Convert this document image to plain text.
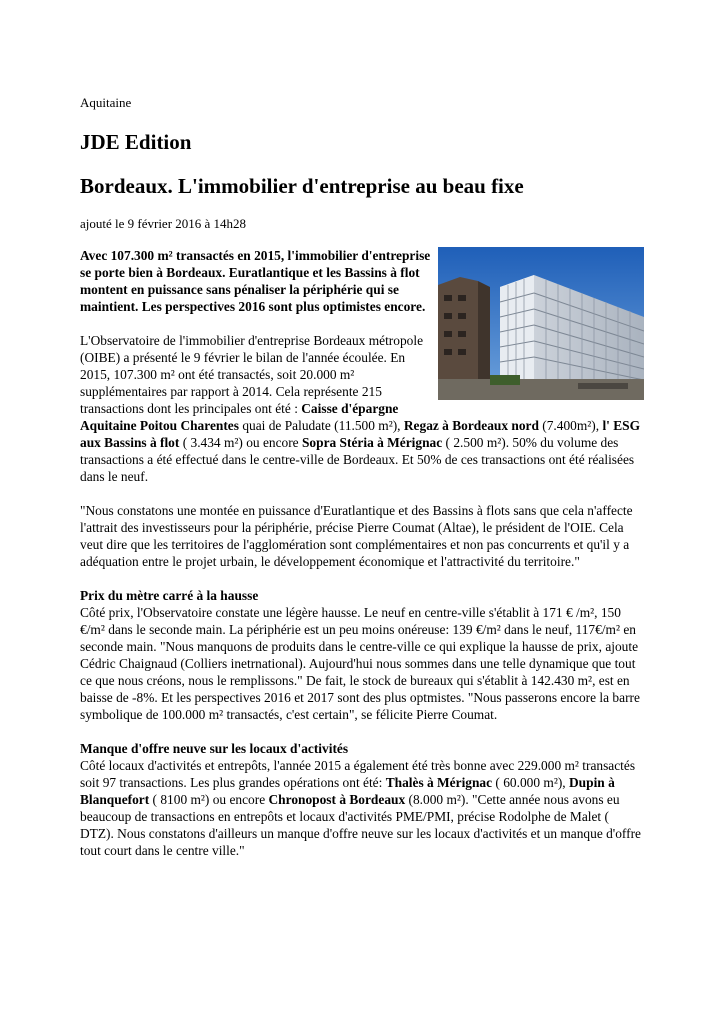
Aquitaine
JDE Edition
Bordeaux. L'immobilier d'entreprise au beau fixe
ajouté le 9 février 2016 à 14h28

Avec 107.300 m² transactés en 2015, l'immobilier d'entreprise se porte bien à Bordeaux. Euratlantique et les Bassins à flot montent en puissance sans pénaliser la périphérie qui se maintient. Les perspectives 2016 sont plus optimistes encore.

L'Observatoire de l'immobilier d'entreprise Bordeaux métropole (OIBE) a présenté le 9 février le bilan de l'année écoulée. En 2015, 107.300 m² ont été transactés, soit 20.000 m² supplémentaires par rapport à 2014. Cela représente 215 transactions dont les principales ont été : Caisse d'épargne Aquitaine Poitou Charentes quai de Paludate (11.500 m²), Regaz à Bordeaux nord (7.400m²), l' ESG aux Bassins à flot ( 3.434 m²) ou encore Sopra Stéria à Mérignac ( 2.500 m²). 50% du volume des transactions a été effectué dans le centre-ville de Bordeaux. Et 50% de ces transactions ont été réalisées dans le neuf.

"Nous constatons une montée en puissance d'Euratlantique et des Bassins à flots sans que cela n'affecte l'attrait des investisseurs pour la périphérie, précise Pierre Coumat (Altae), le président de l'OIE. Cela veut dire que les territoires de l'agglomération sont complémentaires et non pas concurrents et qu'il y a adéquation entre le projet urbain, le développement économique et l'attractivité du territoire."

Prix du mètre carré à la hausse
Côté prix, l'Observatoire constate une légère hausse. Le neuf en centre-ville s'établit à 171 € /m², 150 €/m² dans le seconde main. La périphérie est un peu moins onéreuse: 139 €/m² dans le neuf, 117€/m² en seconde main. "Nous manquons de produits dans le centre-ville ce qui explique la hausse de prix, ajoute Cédric Chaignaud (Colliers inetrnational). Aujourd'hui nous sommes dans une telle dynamique que tout ce que nous créons, nous le remplissons." De fait, le stock de bureaux qui s'établit à 142.430 m², est en baisse de -8%. Et les perspectives 2016 et 2017 sont des plus optmistes. "Nous passerons encore la barre symbolique de 100.000 m² transactés, c'est certain", se félicite Pierre Coumat.

Manque d'offre neuve sur les locaux d'activités
Côté locaux d'activités et entrepôts, l'année 2015 a également été très bonne avec 229.000 m² transactés soit 97 transactions. Les plus grandes opérations ont été: Thalès à Mérignac ( 60.000 m²), Dupin à Blanquefort ( 8100 m²) ou encore Chronopost à Bordeaux (8.000 m²). "Cette année nous avons eu beaucoup de transactions en entrepôts et locaux d'activités PME/PMI, précise Rodolphe de Malet ( DTZ). Nous constatons d'ailleurs un manque d'offre neuve sur les locaux d'activités et un manque d'offre tout court dans le centre ville."
